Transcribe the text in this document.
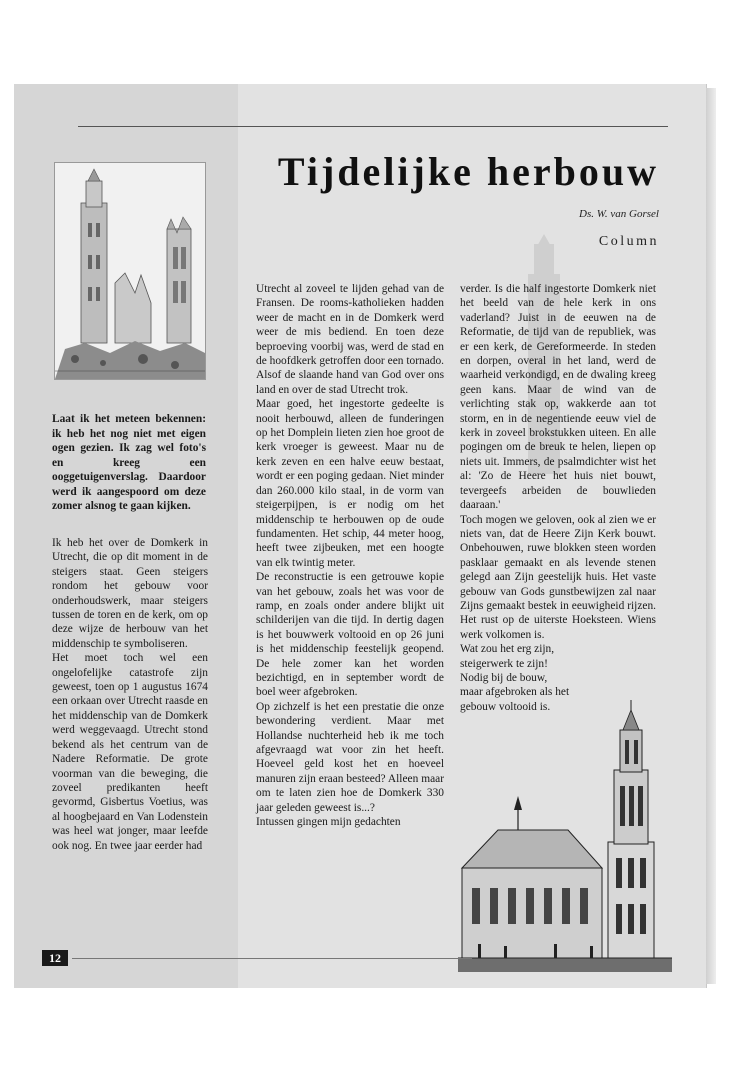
Tijdelijke herbouw
Ds. W. van Gorsel
Column

Laat ik het meteen bekennen: ik heb het nog niet met eigen ogen gezien. Ik zag wel foto's en kreeg een ooggetuigenverslag. Daardoor werd ik aangespoord om deze zomer alsnog te gaan kijken.

Ik heb het over de Domkerk in Utrecht, die op dit moment in de steigers staat. Geen steigers rondom het gebouw voor onderhoudswerk, maar steigers tussen de toren en de kerk, om op deze wijze de herbouw van het middenschip te symboliseren.
Het moet toch wel een ongelofelijke catastrofe zijn geweest, toen op 1 augustus 1674 een orkaan over Utrecht raasde en het middenschip van de Domkerk werd weggevaagd. Utrecht stond bekend als het centrum van de Nadere Reformatie. De grote voorman van die beweging, die zoveel predikanten heeft gevormd, Gisbertus Voetius, was al hoogbejaard en Van Lodenstein was heel wat jonger, maar leefde ook nog. En twee jaar eerder had
Utrecht al zoveel te lijden gehad van de Fransen. De rooms-katholieken hadden weer de macht en in de Domkerk werd weer de mis bediend. En toen deze beproeving voorbij was, werd de stad en de hoofdkerk getroffen door een tornado. Alsof de slaande hand van God over ons land en over de stad Utrecht trok.
Maar goed, het ingestorte gedeelte is nooit herbouwd, alleen de funderingen op het Domplein lieten zien hoe groot de kerk vroeger is geweest. Maar nu de kerk zeven en een halve eeuw bestaat, wordt er een poging gedaan. Niet minder dan 260.000 kilo staal, in de vorm van steigerpijpen, is er nodig om het middenschip te herbouwen op de oude fundamenten. Het schip, 44 meter hoog, heeft twee zijbeuken, met een hoogte van elk twintig meter.
De reconstructie is een getrouwe kopie van het gebouw, zoals het was voor de ramp, en zoals onder andere blijkt uit schilderijen van die tijd. In dertig dagen is het bouwwerk voltooid en op 26 juni is het middenschip feestelijk geopend. De hele zomer kan het worden bezichtigd, en in september wordt de boel weer afgebroken.
Op zichzelf is het een prestatie die onze bewondering verdient. Maar met Hollandse nuchterheid heb ik me toch afgevraagd wat voor zin het heeft. Hoeveel geld kost het en hoeveel manuren zijn eraan besteed? Alleen maar om te laten zien hoe de Domkerk 330 jaar geleden geweest is...?
Intussen gingen mijn gedachten
verder. Is die half ingestorte Domkerk niet het beeld van de hele kerk in ons vaderland? Juist in de eeuwen na de Reformatie, de tijd van de republiek, was er een kerk, de Gereformeerde. In steden en dorpen, overal in het land, werd de waarheid verkondigd, en de dwaling kreeg geen kans. Maar de wind van de verlichting stak op, wakkerde aan tot storm, en in de negentiende eeuw viel de kerk in zoveel brokstukken uiteen. En alle pogingen om de breuk te helen, liepen op niets uit. Immers, de psalmdichter wist het al: 'Zo de Heere het huis niet bouwt, tevergeefs arbeiden de bouwlieden daaraan.'
Toch mogen we geloven, ook al zien we er niets van, dat de Heere Zijn Kerk bouwt. Onbehouwen, ruwe blokken steen worden pasklaar gemaakt en als levende stenen gelegd aan Zijn geestelijk huis. Het vaste gebouw van Gods gunstbewijzen zal naar Zijns gemaakt bestek in eeuwigheid rijzen. Het rust op de uiterste Hoeksteen. Wiens werk volkomen is.
Wat zou het erg zijn, steigerwerk te zijn! Nodig bij de bouw, maar afgebroken als het gebouw voltooid is.
12
